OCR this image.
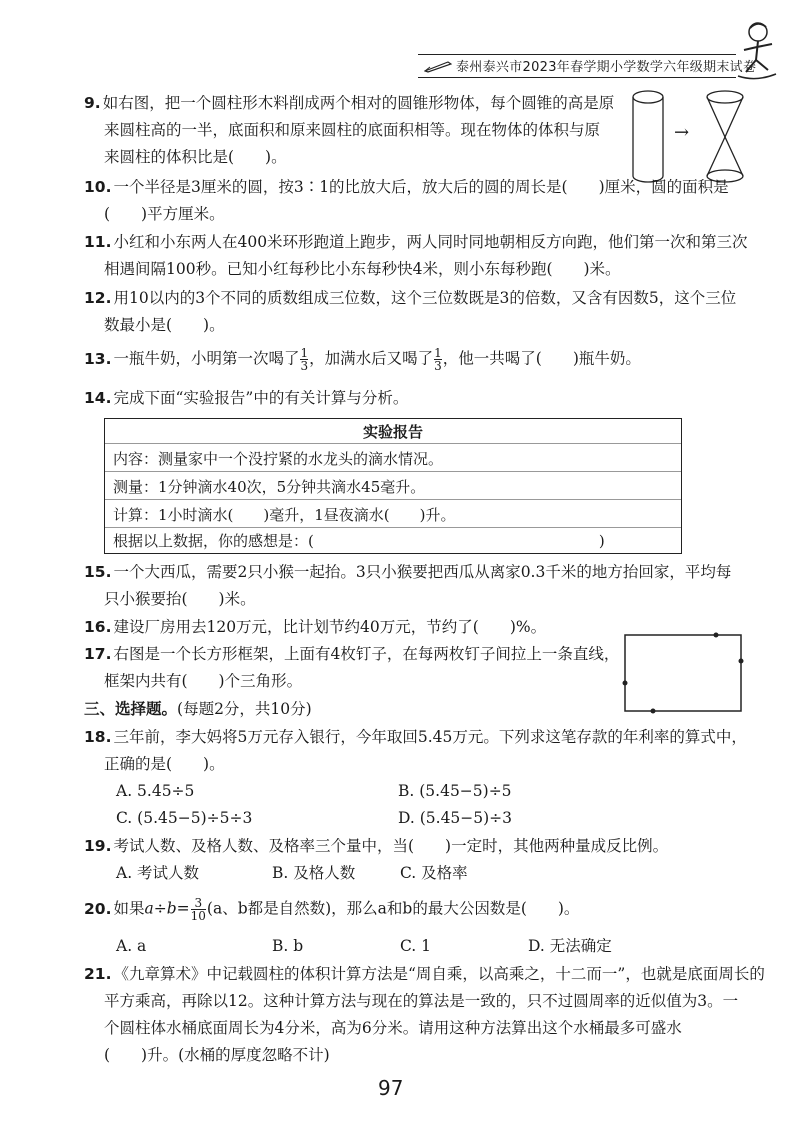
泰州泰兴市2023年春学期小学数学六年级期末试卷
9. 如右图，把一个圆柱形木料削成两个相对的圆锥形物体，每个圆锥的高是原
来圆柱高的一半，底面积和原来圆柱的底面积相等。现在物体的体积与原
来圆柱的体积比是(　　)。
→
10. 一个半径是3厘米的圆，按3∶1的比放大后，放大后的圆的周长是(　　)厘米，圆的面积是
(　　)平方厘米。
11. 小红和小东两人在400米环形跑道上跑步，两人同时同地朝相反方向跑，他们第一次和第三次
相遇间隔100秒。已知小红每秒比小东每秒快4米，则小东每秒跑(　　)米。
12. 用10以内的3个不同的质数组成三位数，这个三位数既是3的倍数，又含有因数5，这个三位
数最小是(　　)。
13. 一瓶牛奶，小明第一次喝了 $\frac{1}{3}$ ，加满水后又喝了 $\frac{1}{3}$ ，他一共喝了(　　)瓶牛奶。
14. 完成下面“实验报告”中的有关计算与分析。
实验报告
内容：测量家中一个没拧紧的水龙头的滴水情况。
测量：1分钟滴水40次，5分钟共滴水45毫升。
计算：1小时滴水(　　)毫升，1昼夜滴水(　　)升。
根据以上数据，你的感想是：(　　　　　　　　　　　　　　　　　　　)
15. 一个大西瓜，需要2只小猴一起抬。3只小猴要把西瓜从离家0.3千米的地方抬回家，平均每
只小猴要抬(　　)米。
16. 建设厂房用去120万元，比计划节约40万元，节约了(　　)%。
17. 右图是一个长方形框架，上面有4枚钉子，在每两枚钉子间拉上一条直线，
框架内共有(　　)个三角形。
三、选择题。(每题2分，共10分)
18. 三年前，李大妈将5万元存入银行，今年取回5.45万元。下列求这笔存款的年利率的算式中，
正确的是(　　)。
A. 5.45÷5	B. (5.45−5)÷5
C. (5.45−5)÷5÷3	D. (5.45−5)÷3
19. 考试人数、及格人数、及格率三个量中，当(　　)一定时，其他两种量成反比例。
A. 考试人数	B. 及格人数	C. 及格率
20. 如果$a\div b= \frac{3}{10} (a$、b都是自然数)，那么a和b的最大公因数是(　　)。
A. a	B. b	C. 1	D. 无法确定
21. 《九章算术》中记载圆柱的体积计算方法是“周自乘，以高乘之，十二而一”，也就是底面周长的
平方乘高，再除以12。这种计算方法与现在的算法是一致的，只不过圆周率的近似值为3。一
个圆柱体水桶底面周长为4分米，高为6分米。请用这种方法算出这个水桶最多可盛水
(　　)升。(水桶的厚度忽略不计)
97
